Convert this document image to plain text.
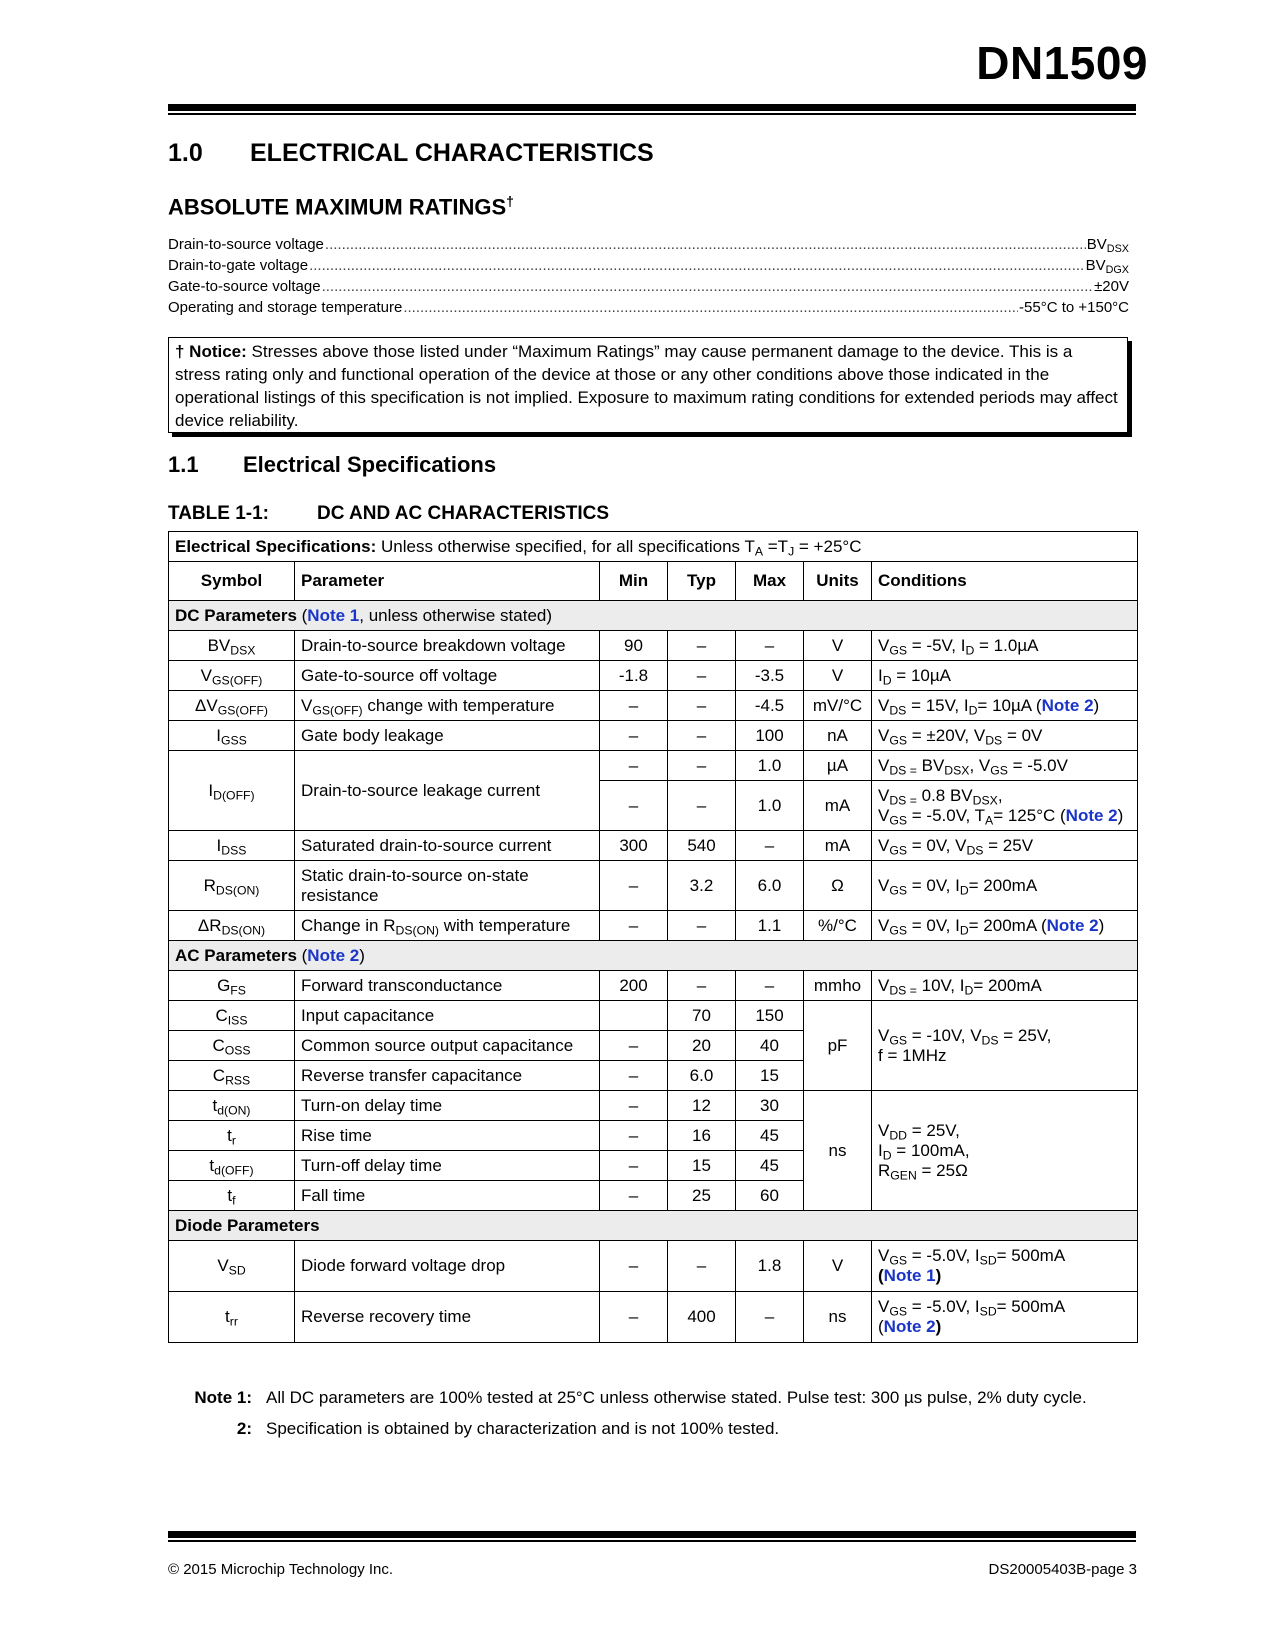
DN1509
1.0 ELECTRICAL CHARACTERISTICS
ABSOLUTE MAXIMUM RATINGS†
Drain-to-source voltage .....	$BV_{DSX}$
Drain-to-gate voltage .....	$BV_{DGX}$
Gate-to-source voltage .....	±20V
Operating and storage temperature .....	-55°C to +150°C
† Notice: Stresses above those listed under “Maximum Ratings” may cause permanent damage to the device. This is a stress rating only and functional operation of the device at those or any other conditions above those indicated in the operational listings of this specification is not implied. Exposure to maximum rating conditions for extended periods may affect device reliability.
1.1 Electrical Specifications
TABLE 1-1:	DC AND AC CHARACTERISTICS
Electrical Specifications: Unless otherwise specified, for all specifications $T_A =T_J = +25^\circ C$						
Symbol	Parameter	Min	Typ	Max	Units	Conditions
DC Parameters (Note 1, unless otherwise stated)						
$BV_{DSX}$	Drain-to-source breakdown voltage	90	–	–	V	$V_{GS} = -5V$, $I_D = 1.0\mu A$
$V_{GS(OFF)}$	Gate-to-source off voltage	-1.8	–	-3.5	V	$I_D = 10\mu A$
$\Delta V_{GS(OFF)}$	$V_{GS(OFF)}$ change with temperature	–	–	-4.5	mV/°C	$V_{DS} = 15V$, $I_D= 10\mu A$ (Note 2)
$I_{GSS}$	Gate body leakage	–	–	100	nA	$V_{GS} = \pm 20V$, $V_{DS} = 0V$
$I_{D(OFF)}$	Drain-to-source leakage current	–	–	1.0	µA	$V_{DS =}$ $BV_{DSX}$, $V_{GS} = -5.0V$
		–	–	1.0	mA	$V_{DS =}$ 0.8 $BV_{DSX}$,
$V_{GS} = -5.0V$, $T_A= 125^\circ C$ (Note 2)
$I_{DSS}$	Saturated drain-to-source current	300	540	–	mA	$V_{GS} = 0V$, $V_{DS} = 25V$
$R_{DS(ON)}$	Static drain-to-source on-state resistance	–	3.2	6.0	Ω	$V_{GS} = 0V$, $I_D= 200mA$
$\Delta R_{DS(ON)}$	Change in $R_{DS(ON)}$ with temperature	–	–	1.1	%/°C	$V_{GS} = 0V$, $I_D= 200mA$ (Note 2)
AC Parameters (Note 2)						
$G_{FS}$	Forward transconductance	200	–	–	mmho	$V_{DS =}$ 10V, $I_D= 200mA$
$C_{ISS}$	Input capacitance		70	150	pF	$V_{GS} = -10V$, $V_{DS} = 25V$,
f = 1MHz
$C_{OSS}$	Common source output capacitance	–	20	40		
$C_{RSS}$	Reverse transfer capacitance	–	6.0	15		
$t_{d(ON)}$	Turn-on delay time	–	12	30	ns	$V_{DD} = 25V$,
$I_D = 100mA$,
$R_{GEN} = 25\Omega$
$t_r$	Rise time	–	16	45		
$t_{d(OFF)}$	Turn-off delay time	–	15	45		
$t_f$	Fall time	–	25	60		
Diode Parameters						
$V_{SD}$	Diode forward voltage drop	–	–	1.8	V	$V_{GS} = -5.0V$, $I_{SD}= 500mA$
(Note 1)
$t_{rr}$	Reverse recovery time	–	400	–	ns	$V_{GS} = -5.0V$, $I_{SD}= 500mA$
(Note 2)
Note 1: All DC parameters are 100% tested at 25°C unless otherwise stated. Pulse test: 300 µs pulse, 2% duty cycle.
2: Specification is obtained by characterization and is not 100% tested.
© 2015 Microchip Technology Inc.	DS20005403B-page 3
